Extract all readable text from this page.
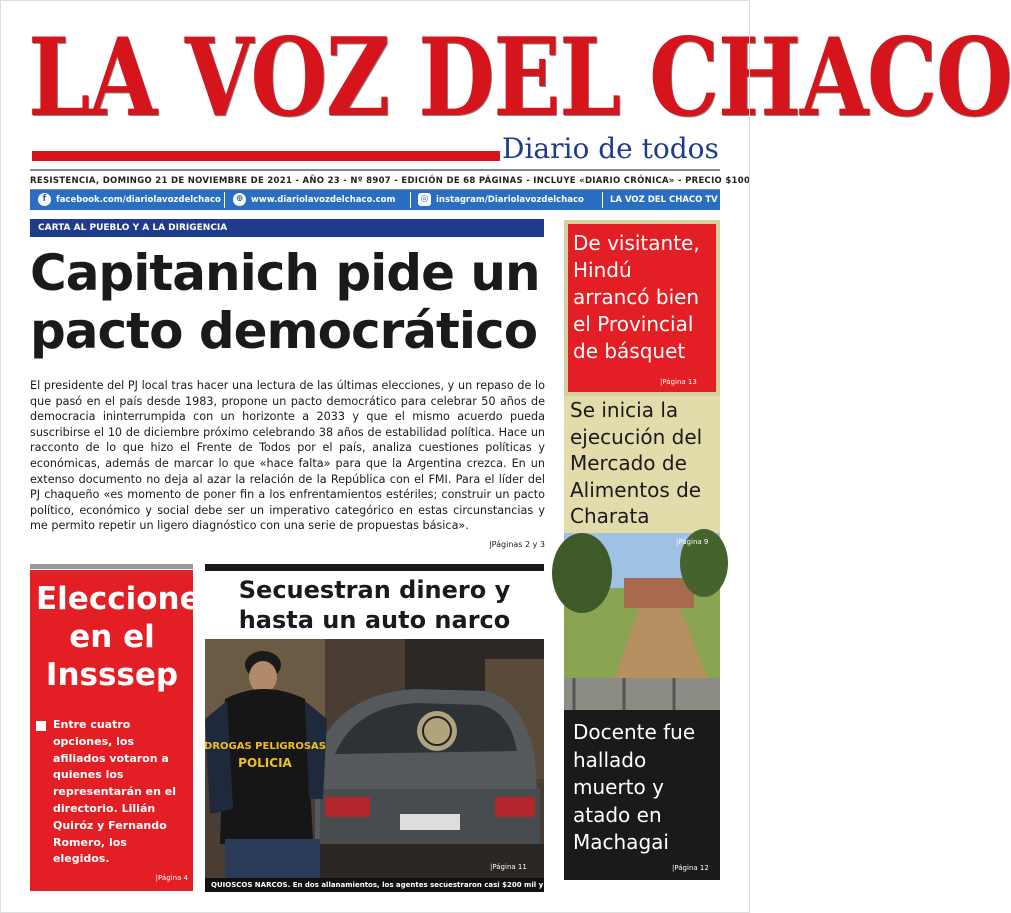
LA VOZ DEL CHACO
Diario de todos
RESISTENCIA, DOMINGO 21 DE NOVIEMBRE DE 2021 - AÑO 23 - Nº 8907 - EDICIÓN DE 68 PÁGINAS - INCLUYE «DIARIO CRÓNICA» - PRECIO $100
f facebook.com/diariolavozdelchaco	⊕ www.diariolavozdelchaco.com	◎ instagram/Diariolavozdelchaco	LA VOZ DEL CHACO TV
CARTA AL PUEBLO Y A LA DIRIGENCIA
Capitanich pide un pacto democrático
El presidente del PJ local tras hacer una lectura de las últimas elecciones, y un repaso de lo que pasó en el país desde 1983, propone un pacto democrático para celebrar 50 años de democracia ininterrumpida con un horizonte a 2033 y que el mismo acuerdo pueda suscribirse el 10 de diciembre próximo celebrando 38 años de estabilidad política. Hace un racconto de lo que hizo el Frente de Todos por el país, analiza cuestiones políticas y económicas, además de marcar lo que «hace falta» para que la Argentina crezca. En un extenso documento no deja al azar la relación de la República con el FMI. Para el líder del PJ chaqueño «es momento de poner fin a los enfrentamientos estériles; construir un pacto político, económico y social debe ser un imperativo categórico en estas circunstancias y me permito repetir un ligero diagnóstico con una serie de propuestas básica».
|Páginas 2 y 3
Elecciones en el Insssep
Entre cuatro opciones, los afiliados votaron a quienes los representarán en el directorio. Lilián Quiróz y Fernando Romero, los elegidos.
|Página 4
Secuestran dinero y hasta un auto narco
DROGAS PELIGROSAS
POLICIA
|Página 11
QUIOSCOS NARCOS. En dos allanamientos, los agentes secuestraron casi $200 mil y drogas.
De visitante, Hindú arrancó bien el Provincial de básquet
|Página 13
Se inicia la ejecución del Mercado de Alimentos de Charata
|Página 9
Docente fue hallado muerto y atado en Machagai
|Página 12
